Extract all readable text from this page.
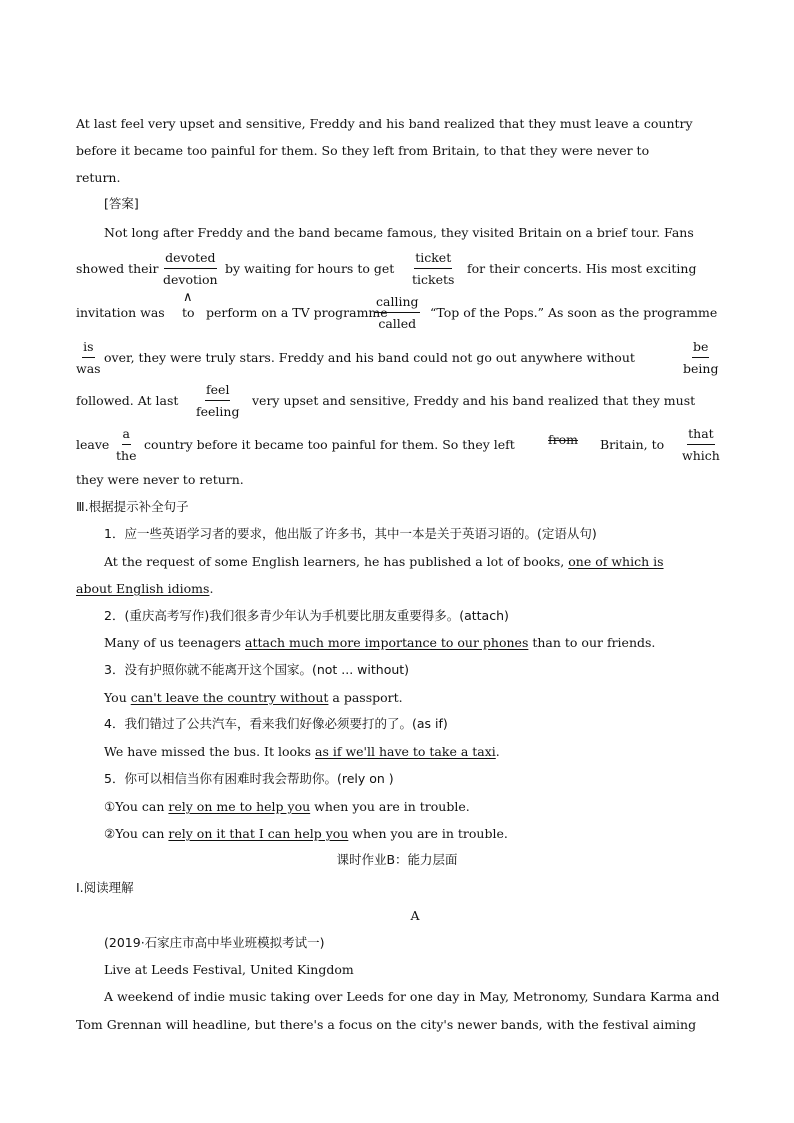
At last feel very upset and sensitive, Freddy and his band realized that they must leave a country
before it became too painful for them. So they left from Britain, to that they were never to
return.
[答案]
Not long after Freddy and the band became famous, they visited Britain on a brief tour. Fans
showed their
devoted
devotion
by waiting for hours to get
ticket
tickets
for their concerts. His most exciting
invitation was
∧
to perform on a TV programme
calling
called
“Top of the Pops.” As soon as the programme
is
was
over, they were truly stars. Freddy and his band could not go out anywhere without
be
being
followed. At last
feel
feeling
very upset and sensitive, Freddy and his band realized that they must
leave
a
the
country before it became too painful for them. So they left	from Britain, to
that
which
they were never to return.
Ⅲ.根据提示补全句子
1．应一些英语学习者的要求，他出版了许多书，其中一本是关于英语习语的。(定语从句)
At the request of some English learners, he has published a lot of books, one of which is
about English idioms.
2．(重庆高考写作)我们很多青少年认为手机要比朋友重要得多。(attach)
Many of us teenagers attach much more importance to our phones than to our friends.
3．没有护照你就不能离开这个国家。(not ... without)
You can't leave the country without a passport.
4．我们错过了公共汽车，看来我们好像必须要打的了。(as if)
We have missed the bus. It looks as if we'll have to take a taxi.
5．你可以相信当你有困难时我会帮助你。(rely on )
①You can rely on me to help you when you are in trouble.
②You can rely on it that I can help you when you are in trouble.
课时作业B：能力层面
Ⅰ.阅读理解
A
(2019·石家庄市高中毕业班模拟考试一)
Live at Leeds Festival, United Kingdom
A weekend of indie music taking over Leeds for one day in May, Metronomy, Sundara Karma and
Tom Grennan will headline, but there's a focus on the city's newer bands, with the festival aiming
